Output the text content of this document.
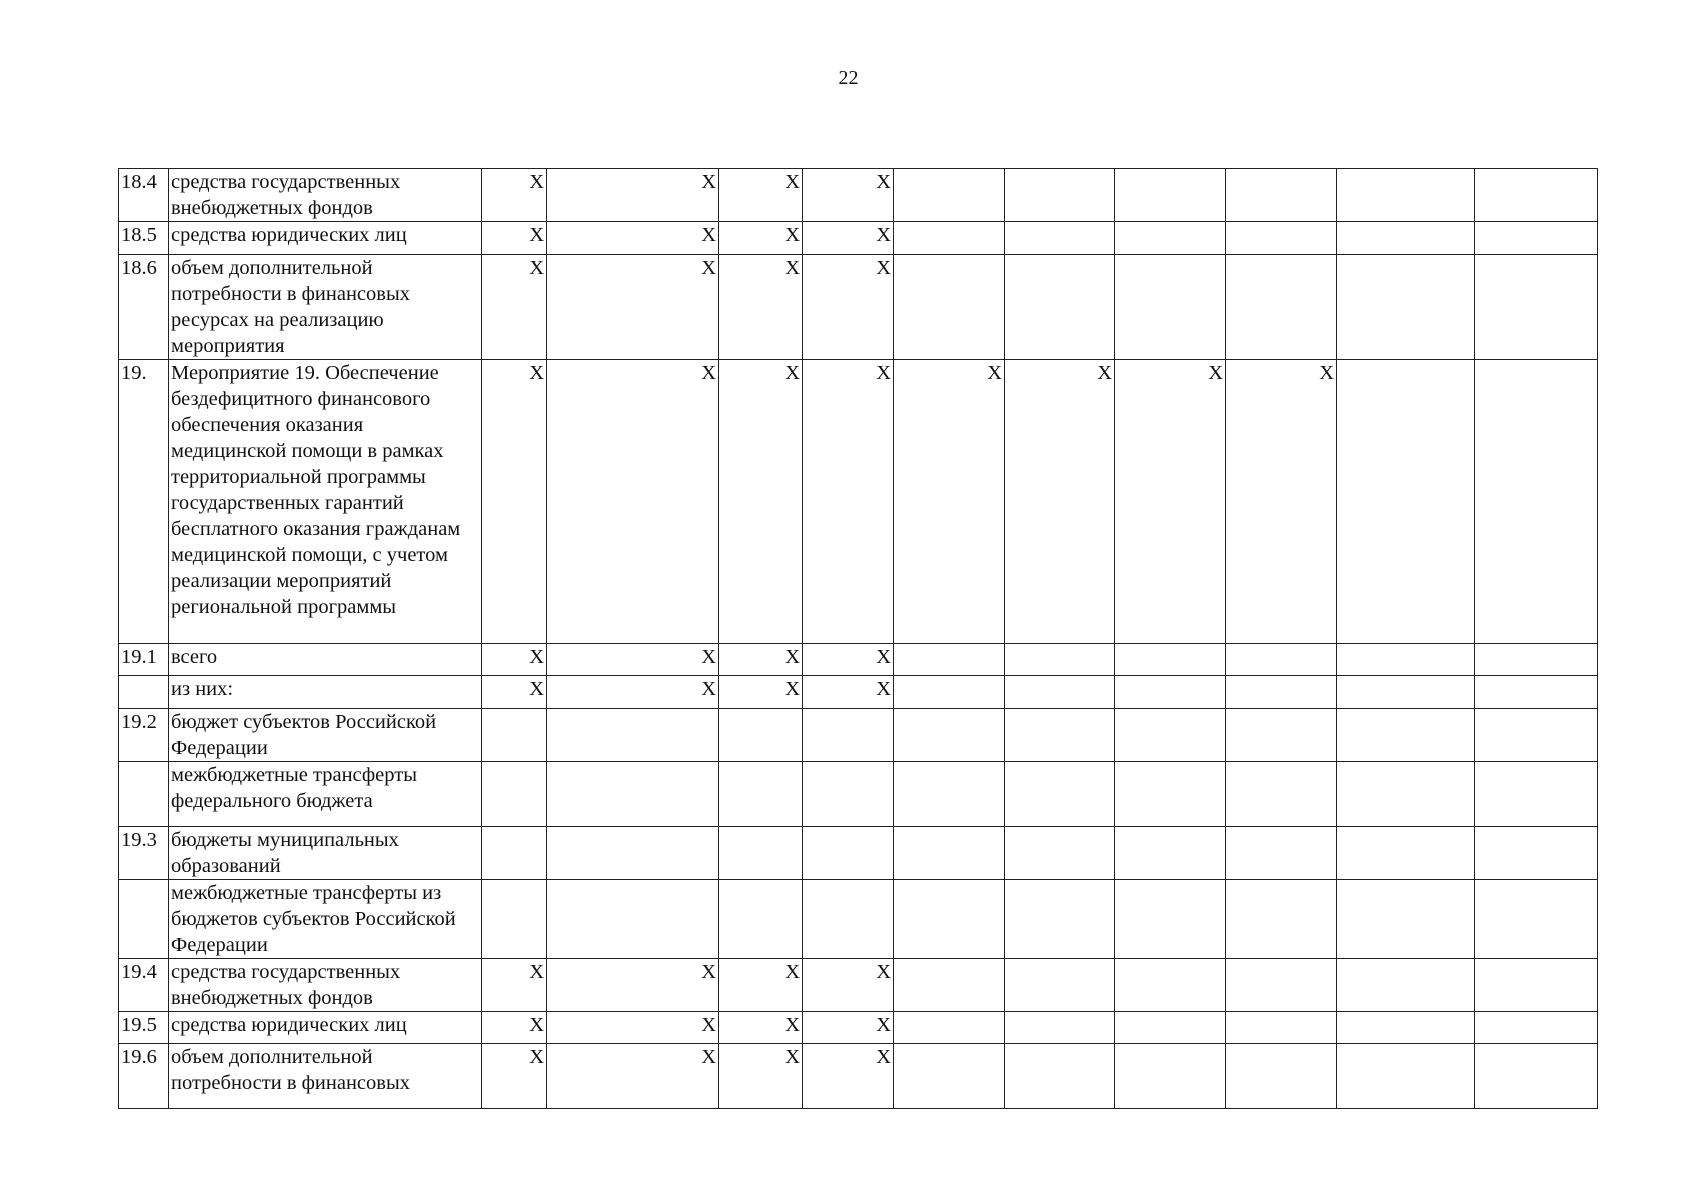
22
18.4	средства государственных внебюджетных фондов	X	X	X	X						
18.5	средства юридических лиц	X	X	X	X						
18.6	объем дополнительной потребности в финансовых ресурсах на реализацию мероприятия	X	X	X	X						
19.	Мероприятие 19. Обеспечение бездефицитного финансового обеспечения оказания медицинской помощи в рамках территориальной программы государственных гарантий бесплатного оказания гражданам медицинской помощи, с учетом реализации мероприятий региональной программы	X	X	X	X	X	X	X	X		
19.1	всего	X	X	X	X						
	из них:	X	X	X	X						
19.2	бюджет субъектов Российской Федерации										
	межбюджетные трансферты федерального бюджета										
19.3	бюджеты муниципальных образований										
	межбюджетные трансферты из бюджетов субъектов Российской Федерации										
19.4	средства государственных внебюджетных фондов	X	X	X	X						
19.5	средства юридических лиц	X	X	X	X						
19.6	объем дополнительной потребности в финансовых	X	X	X	X						
